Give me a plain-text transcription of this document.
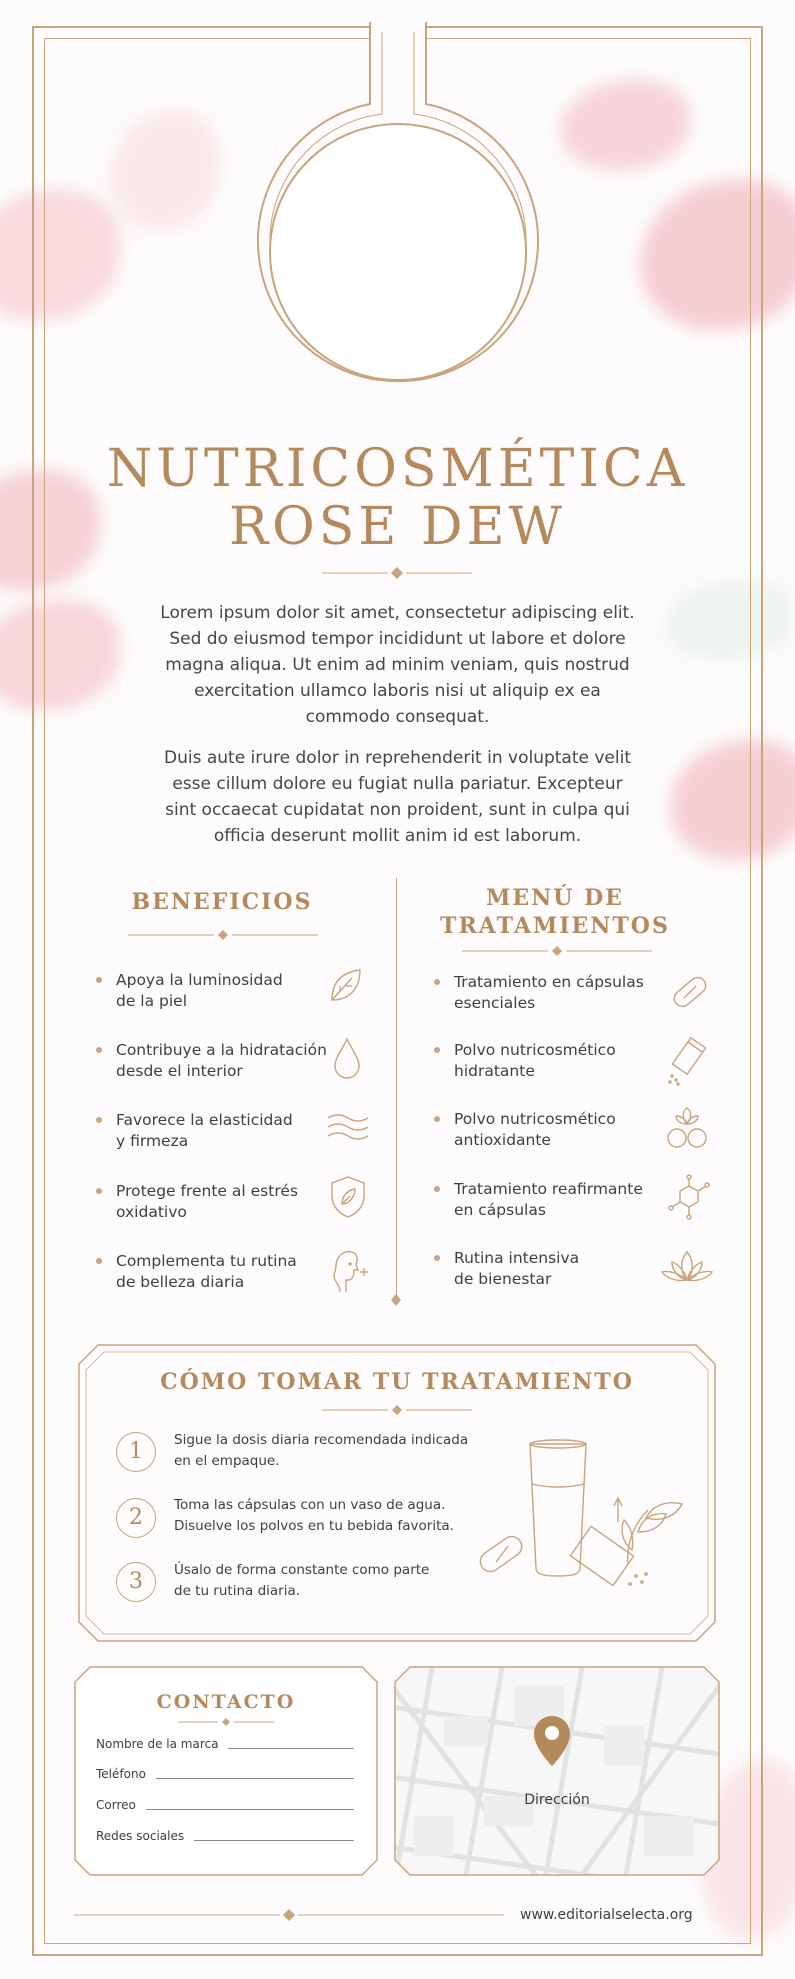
NUTRICOSMÉTICA
ROSE DEW

Lorem ipsum dolor sit amet, consectetur adipiscing elit. Sed do eiusmod tempor incididunt ut labore et dolore magna aliqua. Ut enim ad minim veniam, quis nostrud exercitation ullamco laboris nisi ut aliquip ex ea commodo consequat.

Duis aute irure dolor in reprehenderit in voluptate velit esse cillum dolore eu fugiat nulla pariatur. Excepteur sint occaecat cupidatat non proident, sunt in culpa qui officia deserunt mollit anim id est laborum.

BENEFICIOS
Apoya la luminosidad
de la piel
Contribuye a la hidratación
desde el interior
Favorece la elasticidad
y firmeza
Protege frente al estrés
oxidativo
Complementa tu rutina
de belleza diaria
MENÚ DE
TRATAMIENTOS
Tratamiento en cápsulas
esenciales
Polvo nutricosmético
hidratante
Polvo nutricosmético
antioxidante
Tratamiento reafirmante
en cápsulas
Rutina intensiva
de bienestar
CÓMO TOMAR TU TRATAMIENTO
1	Sigue la dosis diaria recomendada indicada
en el empaque.
2	Toma las cápsulas con un vaso de agua.
Disuelve los polvos en tu bebida favorita.
3	Úsalo de forma constante como parte
de tu rutina diaria.
CONTACTO
Nombre de la marca
Teléfono
Correo
Redes sociales
Dirección
www.editorialselecta.org
